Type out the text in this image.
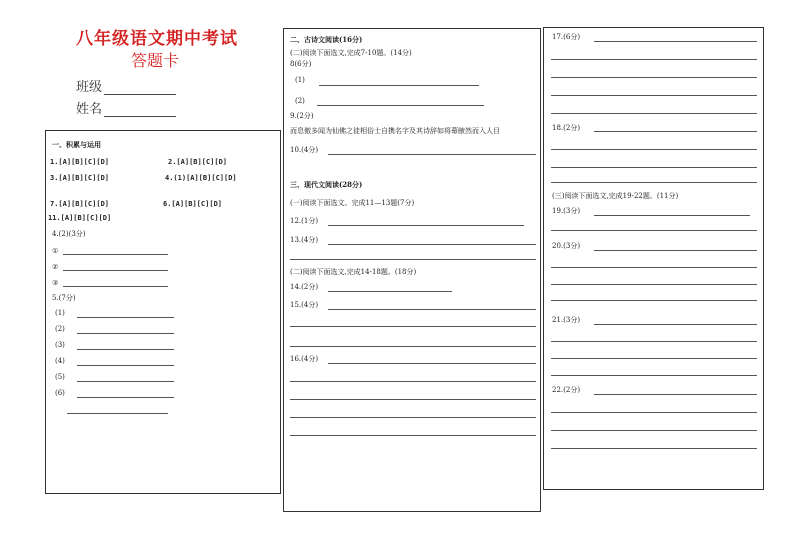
八年级语文期中考试
答题卡
班级
姓名
一、积累与运用
1.[A][B][C][D]	2.[A][B][C][D]
3.[A][B][C][D]	4.(1)[A][B][C][D]
7.[A][B][C][D]	6.[A][B][C][D]
11.[A][B][C][D]
4.(2)(3分)
①
②
③
5.(7分)
(1)
(2)
(3)
(4)
(5)
(6)
二、古诗文阅读(16分)
(二)阅读下面选文,完成7-10题。(14分)
8(6分)
(1)
(2)
9.(2分)
而息傲多闻为仙佛之徒相俗士自携名字及其诗辞如将幕腋然而入人目
10.(4分)
三、现代文阅读(28分)
(一)阅读下面选文。完成11—13题(7分)
12.(1分)
13.(4分)
(二)阅读下面选文,完成14-18题。(18分)
14.(2分)
15.(4分)
16.(4分)
17.(6分)
18.(2分)
(三)阅读下面选文,完成19-22题。(11分)
19.(3分)
20.(3分)
21.(3分)
22.(2分)
